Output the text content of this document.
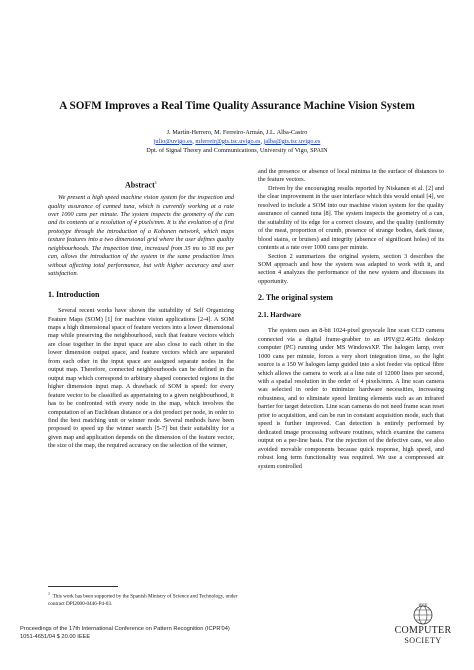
A SOFM Improves a Real Time Quality Assurance Machine Vision System
J. Martín-Herrero, M. Ferreiro-Armán, J.L. Alba-Castro
julio@uvigo.es, mferreir@gts.tsc.uvigo.es, jalba@gts.tsc.uvigo.es
Dpt. of Signal Theory and Communications, University of Vigo, SPAIN
Abstract$^1$

We present a high speed machine vision system for the inspection and quality assurance of canned tuna, which is currently working at a rate over 1000 cans per minute. The system inspects the geometry of the can and its contents at a resolution of 4 pixels/mm. It is the evolution of a first prototype through the introduction of a Kohonen network, which maps texture features into a two dimensional grid where the user defines quality neighbourhoods. The inspection time, increased from 35 ms to 38 ms per can, allows the introduction of the system in the same production lines without affecting total performance, but with higher accuracy and user satisfaction.

1. Introduction

Several recent works have shown the suitability of Self Organizing Feature Maps (SOM) [1] for machine vision applications [2-4]. A SOM maps a high dimensional space of feature vectors into a lower dimensional map while preserving the neighbourhood, such that feature vectors which are close together in the input space are also close to each other in the lower dimension output space, and feature vectors which are separated from each other in the input space are assigned separate nodes in the output map. Therefore, connected neighbourhoods can be defined in the output map which correspond to arbitrary shaped connected regions in the higher dimension input map. A drawback of SOM is speed: for every feature vector to be classified as appertaining to a given neighbourhood, it has to be confronted with every node in the map, which involves the computation of an Euclidean distance or a dot product per node, in order to find the best matching unit or winner node. Several methods have been proposed to speed up the winner search [5-7] but their suitability for a given map and application depends on the dimension of the feature vector, the size of the map, the required accuracy on the selection of the winner,

and the presence or absence of local minima in the surface of distances to the feature vectors.

Driven by the encouraging results reported by Niskanen et al. [2] and the clear improvement in the user interface which this would entail [4], we resolved to include a SOM into our machine vision system for the quality assurance of canned tuna [8]. The system inspects the geometry of a can, the suitability of its edge for a correct closure, and the quality (uniformity of the meat, proportion of crumb, presence of strange bodies, dark tissue, blood stains, or bruises) and integrity (absence of significant holes) of its contents at a rate over 1000 cans per minute.

Section 2 summarizes the original system, section 3 describes the SOM approach and how the system was adapted to work with it, and section 4 analyzes the performance of the new system and discusses its opportunity.

2. The original system
2.1. Hardware

The system uses an 8-bit 1024-pixel greyscale line scan CCD camera connected via a digital frame-grabber to an iPIV@2.4GHz desktop computer (PC) running under MS WindowsXP. The halogen lamp, over 1000 cans per minute, forces a very short integration time, so the light source is a 150 W halogen lamp guided into a slot feeder via optical fibre which allows the camera to work at a line rate of 12000 lines per second, with a spatial resolution in the order of 4 pixels/mm. A line scan camera was selected in order to minimize hardware necessities, increasing robustness, and to eliminate speed limiting elements such as an infrared barrier for target detection. Line scan cameras do not need frame scan reset prior to acquisition, and can be run in constant acquisition mode, such that speed is further improved. Can detection is entirely performed by dedicated image processing software routines, which examine the camera output on a per-line basis. For the rejection of the defective cans, we also avoided movable components because quick response, high speed, and robust long term functionality was required. We use a compressed air system controlled

$^1$  This work has been supported by the Spanish Ministry of Science and Technology, under contract DPI2000-0446-P4-03.
Proceedings of the 17th International Conference on Pattern Recognition (ICPR'04)
1051-4651/04 $ 20.00 IEEE
IEEE
COMPUTER
SOCIETY
